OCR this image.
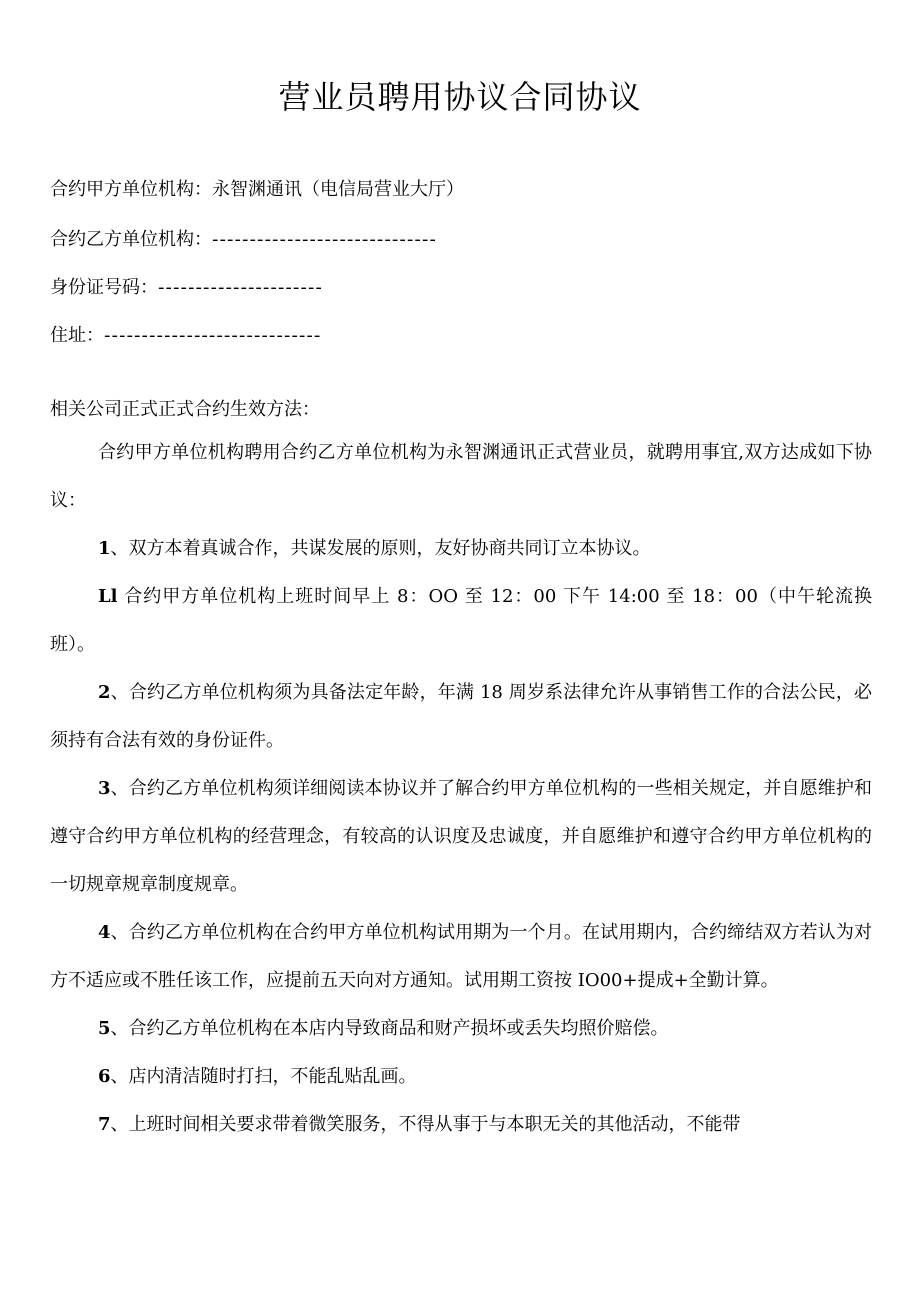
营业员聘用协议合同协议
合约甲方单位机构：永智渊通讯（电信局营业大厅）
合约乙方单位机构：------------------------------
身份证号码：----------------------
住址：-----------------------------
相关公司正式正式合约生效方法：
合约甲方单位机构聘用合约乙方单位机构为永智渊通讯正式营业员，就聘用事宜,双方达成如下协议：
1、双方本着真诚合作，共谋发展的原则，友好协商共同订立本协议。
Ll 合约甲方单位机构上班时间早上 8：OO 至 12：00 下午 14:00 至 18：00（中午轮流换班）。
2、合约乙方单位机构须为具备法定年龄，年满 18 周岁系法律允许从事销售工作的合法公民，必须持有合法有效的身份证件。
3、合约乙方单位机构须详细阅读本协议并了解合约甲方单位机构的一些相关规定，并自愿维护和遵守合约甲方单位机构的经营理念，有较高的认识度及忠诚度，并自愿维护和遵守合约甲方单位机构的一切规章规章制度规章。
4、合约乙方单位机构在合约甲方单位机构试用期为一个月。在试用期内，合约缔结双方若认为对方不适应或不胜任该工作，应提前五天向对方通知。试用期工资按 IO00+提成+全勤计算。
5、合约乙方单位机构在本店内导致商品和财产损坏或丢失均照价赔偿。
6、店内清洁随时打扫，不能乱贴乱画。
7、上班时间相关要求带着微笑服务，不得从事于与本职无关的其他活动，不能带
